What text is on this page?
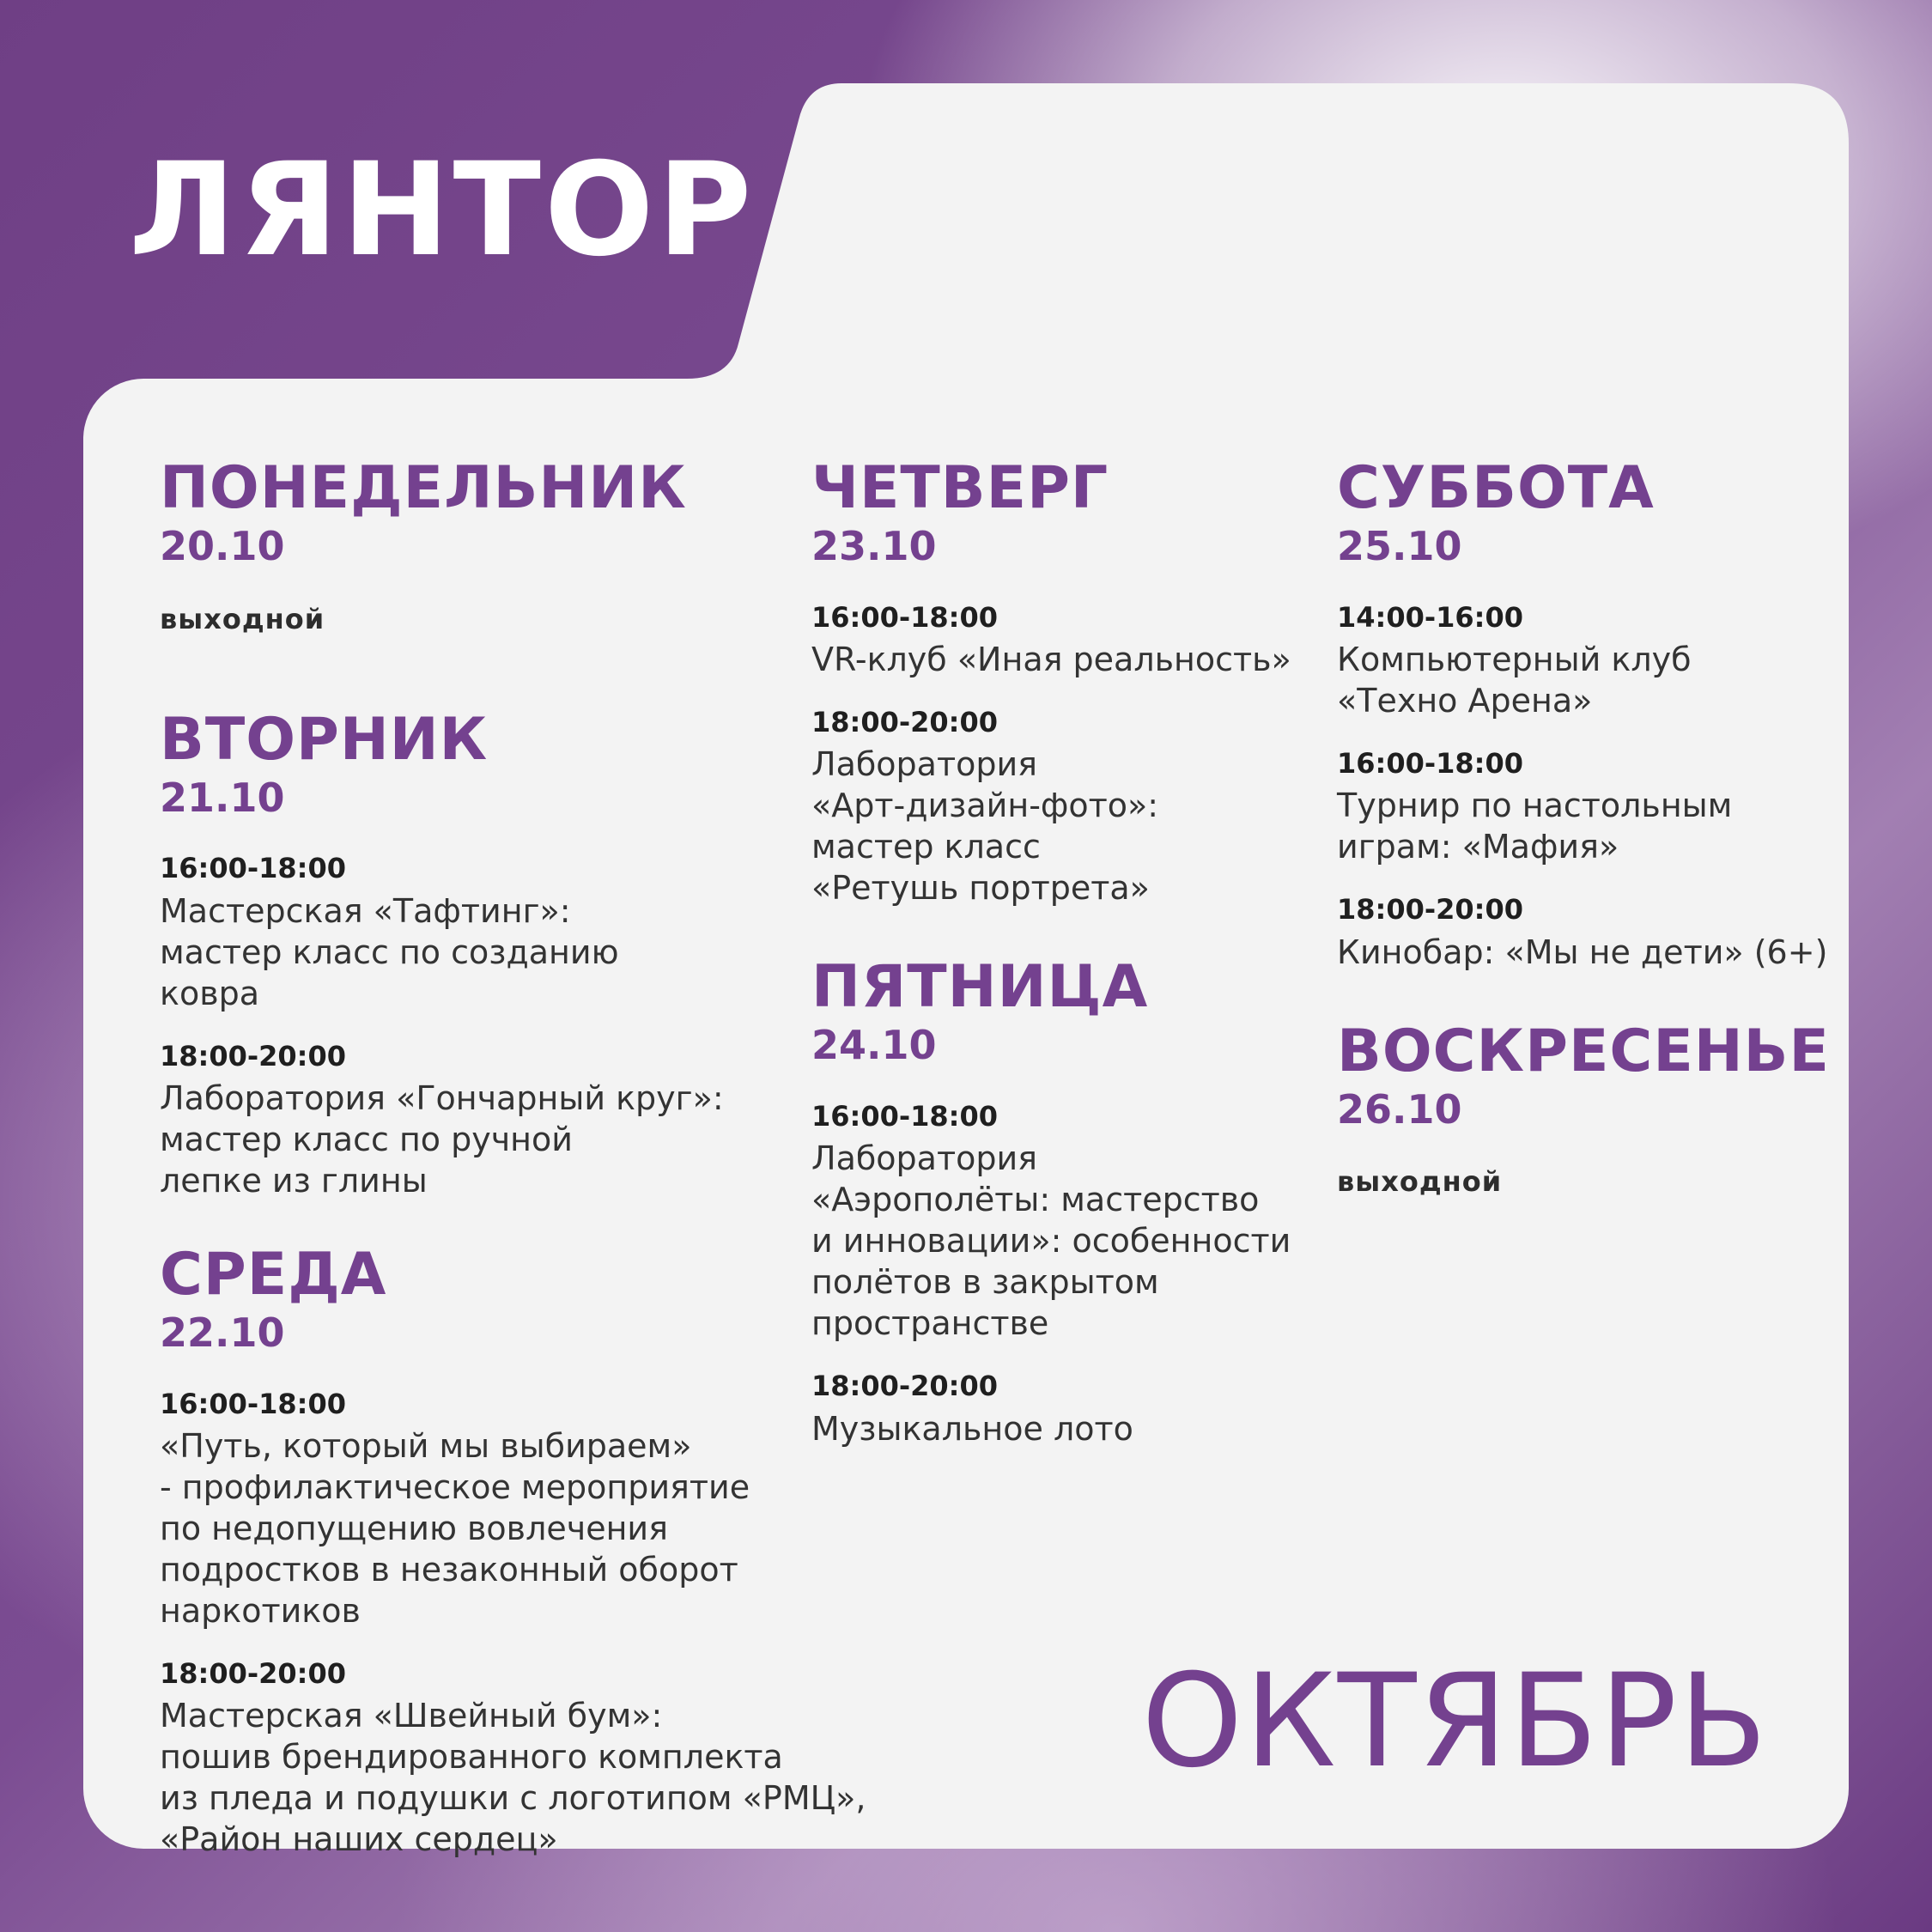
ЛЯНТОР
ПОНЕДЕЛЬНИК

20.10

выходной

ВТОРНИК

21.10

16:00-18:00

Мастерская «Тафтинг»:
мастер класс по созданию
ковра

18:00-20:00

Лаборатория «Гончарный круг»:
мастер класс по ручной
лепке из глины

СРЕДА

22.10

16:00-18:00

«Путь, который мы выбираем»
- профилактическое мероприятие
по недопущению вовлечения
подростков в незаконный оборот
наркотиков

18:00-20:00

Мастерская «Швейный бум»:
пошив брендированного комплекта
из пледа и подушки с логотипом «РМЦ»,
«Район наших сердец»

ЧЕТВЕРГ

23.10

16:00-18:00

VR-клуб «Иная реальность»

18:00-20:00

Лаборатория
«Арт-дизайн-фото»:
мастер класс
«Ретушь портрета»

ПЯТНИЦА

24.10

16:00-18:00

Лаборатория
«Аэрополёты: мастерство
и инновации»: особенности
полётов в закрытом
пространстве

18:00-20:00

Музыкальное лото

СУББОТА

25.10

14:00-16:00

Компьютерный клуб
«Техно Арена»

16:00-18:00

Турнир по настольным
играм: «Мафия»

18:00-20:00

Кинобар: «Мы не дети» (6+)

ВОСКРЕСЕНЬЕ

26.10

выходной

ОКТЯБРЬ
